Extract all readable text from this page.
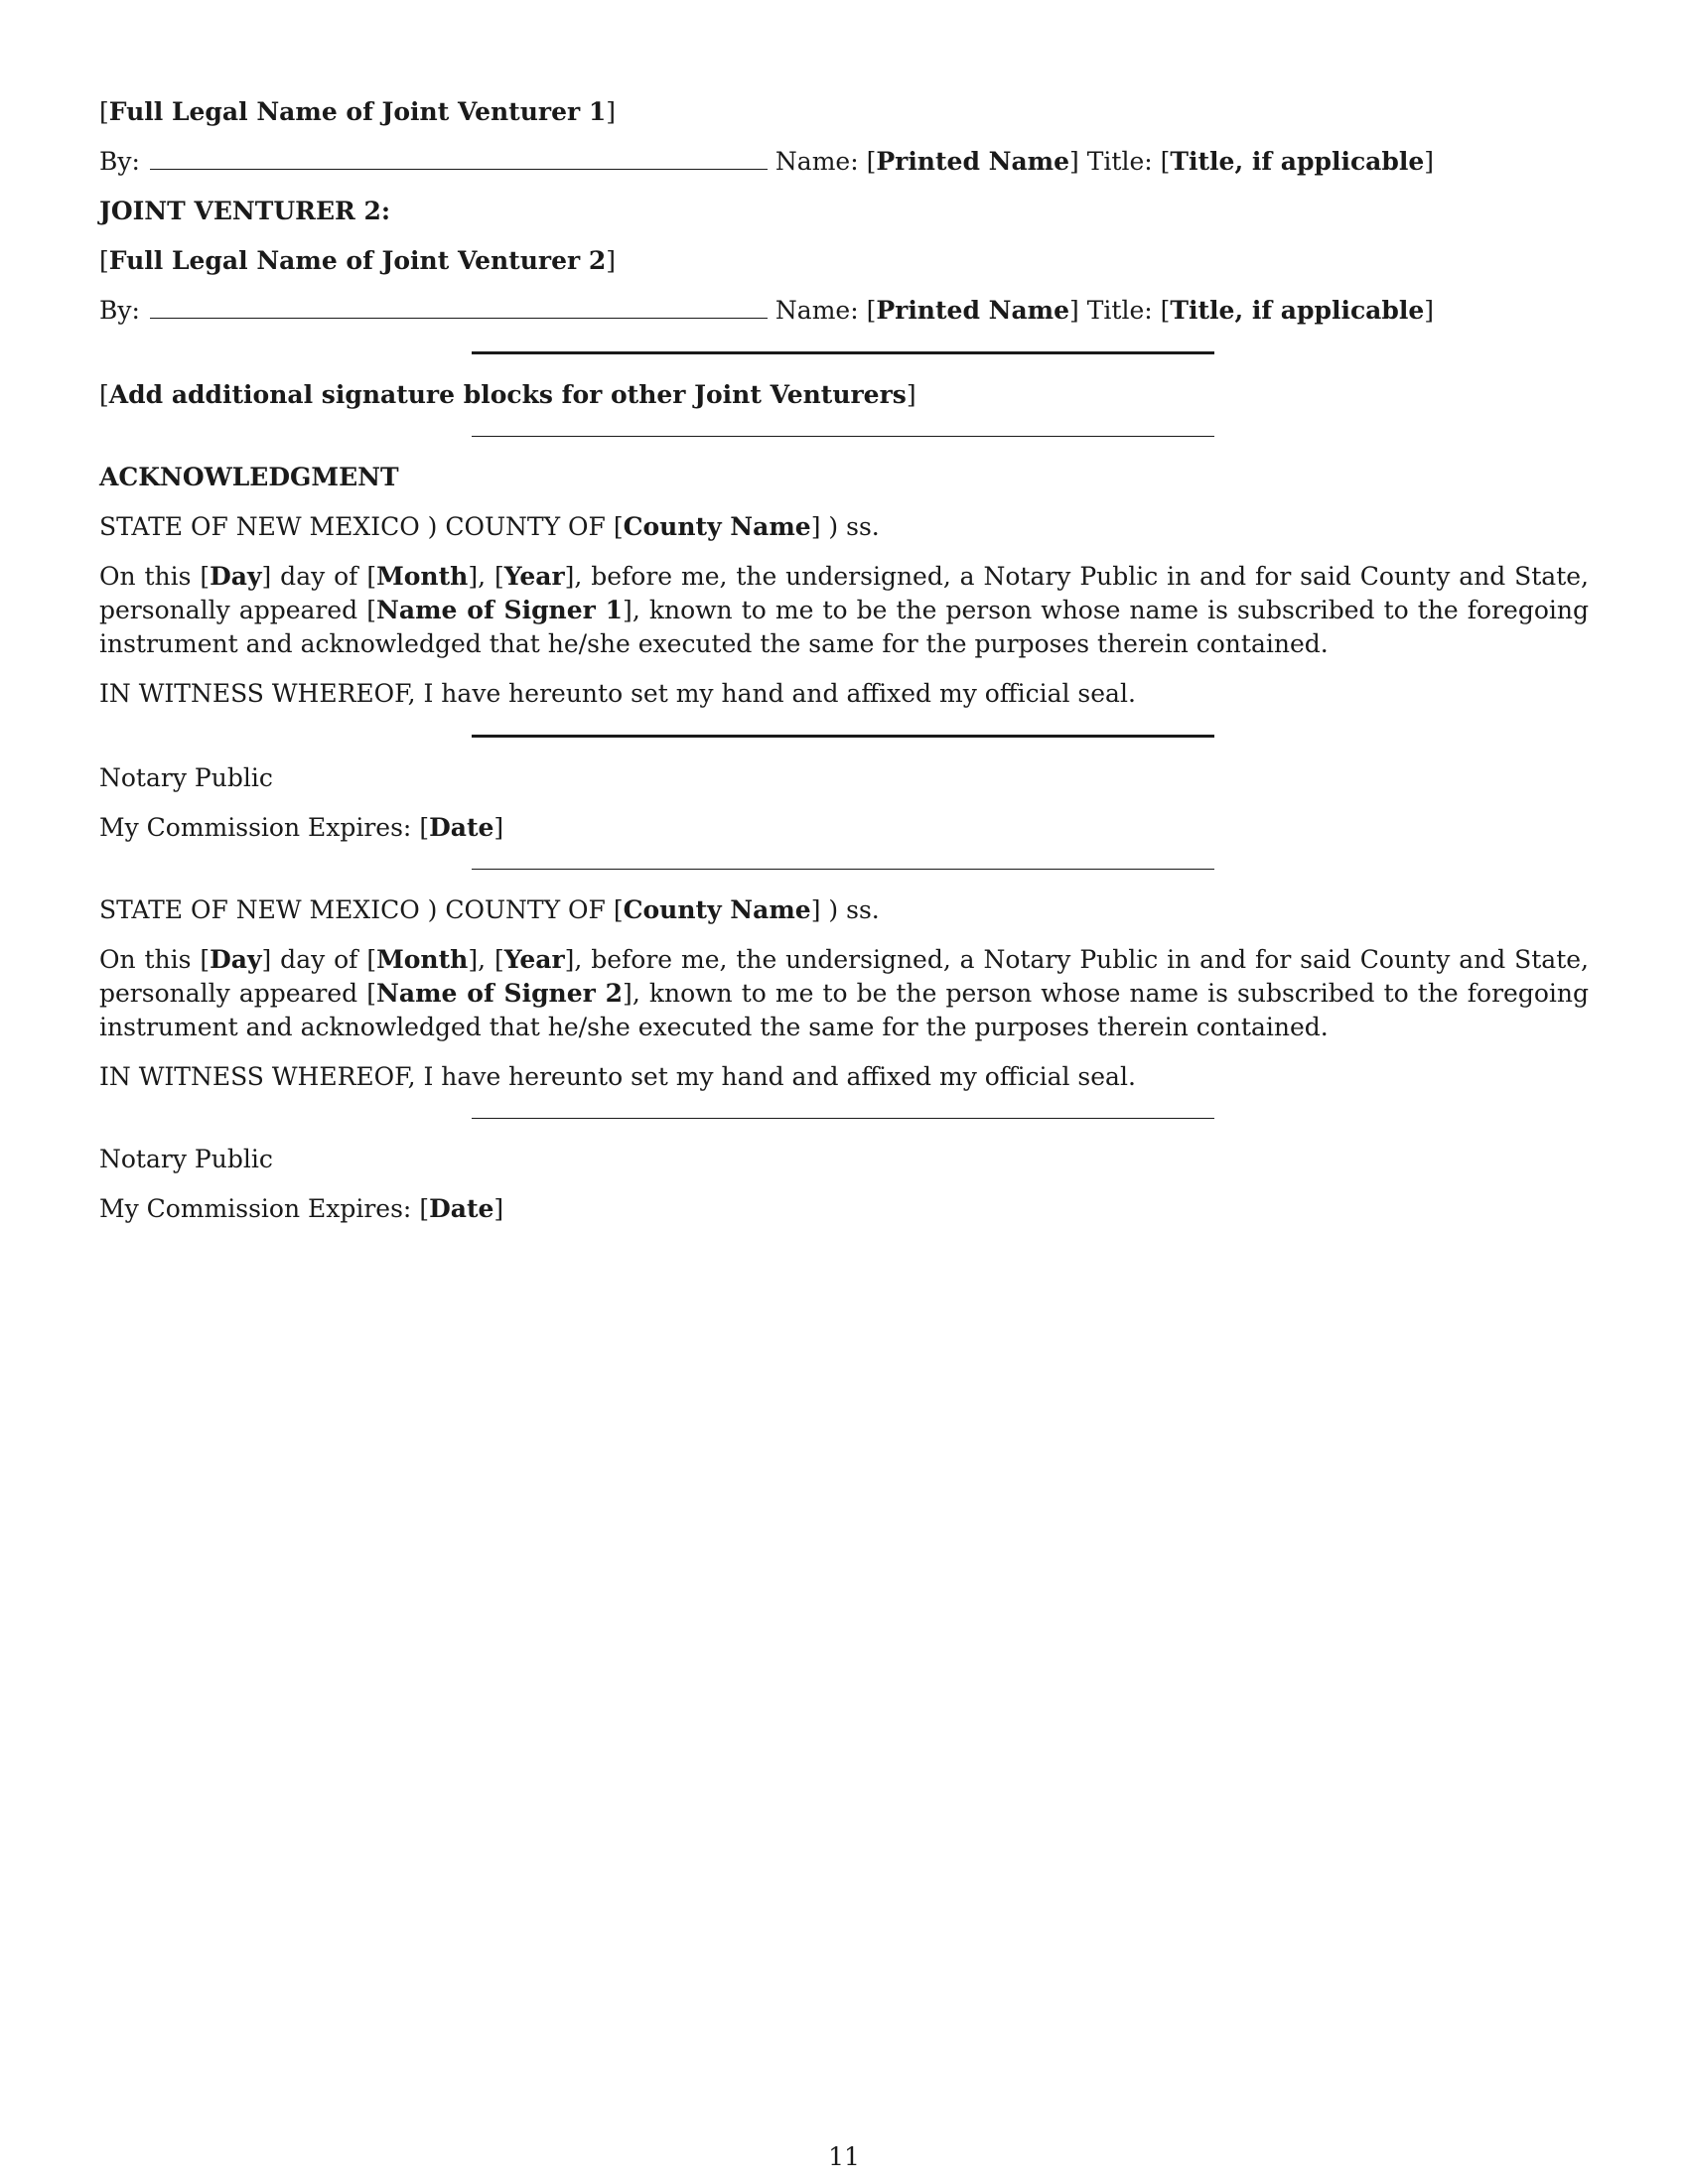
[Full Legal Name of Joint Venturer 1]
By:	Name: [Printed Name] Title: [Title, if applicable]
JOINT VENTURER 2:
[Full Legal Name of Joint Venturer 2]
By:	Name: [Printed Name] Title: [Title, if applicable]
[Add additional signature blocks for other Joint Venturers]
ACKNOWLEDGMENT
STATE OF NEW MEXICO ) COUNTY OF [County Name] ) ss.
On this [Day] day of [Month], [Year], before me, the undersigned, a Notary Public in and for said County and State, personally appeared [Name of Signer 1], known to me to be the person whose name is subscribed to the foregoing instrument and acknowledged that he/she executed the same for the purposes therein contained.
IN WITNESS WHEREOF, I have hereunto set my hand and affixed my official seal.
Notary Public
My Commission Expires: [Date]
STATE OF NEW MEXICO ) COUNTY OF [County Name] ) ss.
On this [Day] day of [Month], [Year], before me, the undersigned, a Notary Public in and for said County and State, personally appeared [Name of Signer 2], known to me to be the person whose name is subscribed to the foregoing instrument and acknowledged that he/she executed the same for the purposes therein contained.
IN WITNESS WHEREOF, I have hereunto set my hand and affixed my official seal.
Notary Public
My Commission Expires: [Date]
11
